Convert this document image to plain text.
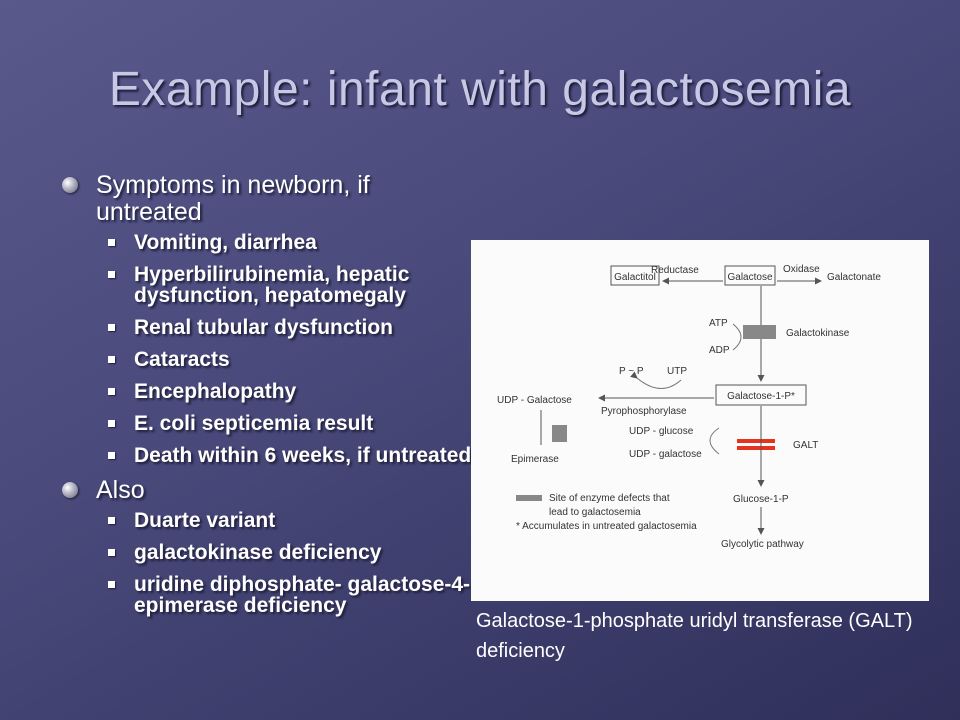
Example: infant with galactosemia
Symptoms in newborn, if untreated
Vomiting, diarrhea
Hyperbilirubinemia, hepatic dysfunction, hepatomegaly
Renal tubular dysfunction
Cataracts
Encephalopathy
E. coli septicemia result
Death within 6 weeks, if untreated
Also
Duarte variant
galactokinase deficiency
uridine diphosphate- galactose-4-epimerase deficiency
Galactitol	Galactose
Reductase	Oxidase
Galactonate
ATP
ADP
Galactokinase
Galactose-1-P*
P ~ P UTP
UDP - Galactose
Pyrophosphorylase
Epimerase
UDP - glucose
UDP - galactose
GALT
Glucose-1-P
Glycolytic pathway
Site of enzyme defects that
lead to galactosemia
* Accumulates in untreated galactosemia
Galactose-1-phosphate uridyl transferase (GALT) deficiency
